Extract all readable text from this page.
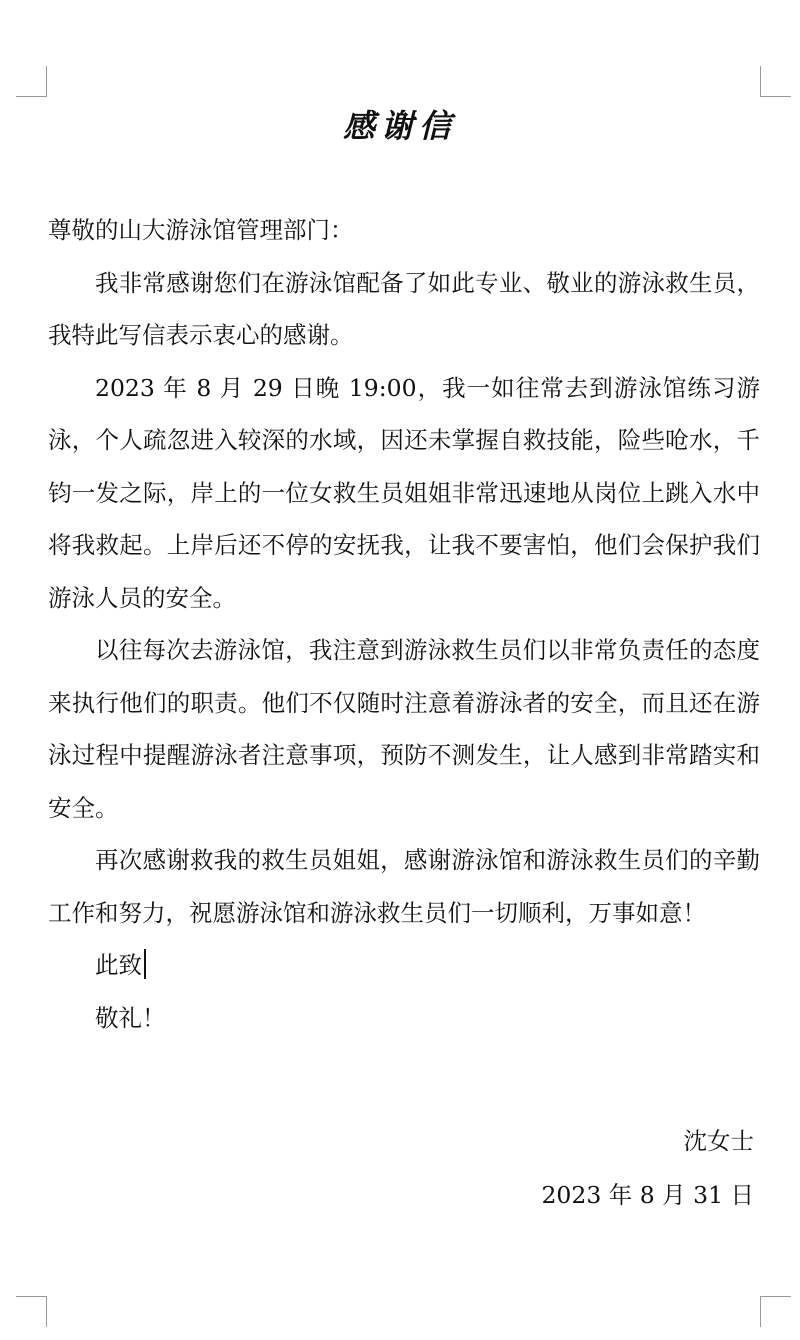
感谢信

尊敬的山大游泳馆管理部门：

我非常感谢您们在游泳馆配备了如此专业、敬业的游泳救生员，我特此写信表示衷心的感谢。

2023 年 8 月 29 日晚 19:00，我一如往常去到游泳馆练习游泳，个人疏忽进入较深的水域，因还未掌握自救技能，险些呛水，千钧一发之际，岸上的一位女救生员姐姐非常迅速地从岗位上跳入水中将我救起。上岸后还不停的安抚我，让我不要害怕，他们会保护我们游泳人员的安全。

以往每次去游泳馆，我注意到游泳救生员们以非常负责任的态度来执行他们的职责。他们不仅随时注意着游泳者的安全，而且还在游泳过程中提醒游泳者注意事项，预防不测发生，让人感到非常踏实和安全。

再次感谢救我的救生员姐姐，感谢游泳馆和游泳救生员们的辛勤工作和努力，祝愿游泳馆和游泳救生员们一切顺利，万事如意！

此致

敬礼！

沈女士
2023 年 8 月 31 日
